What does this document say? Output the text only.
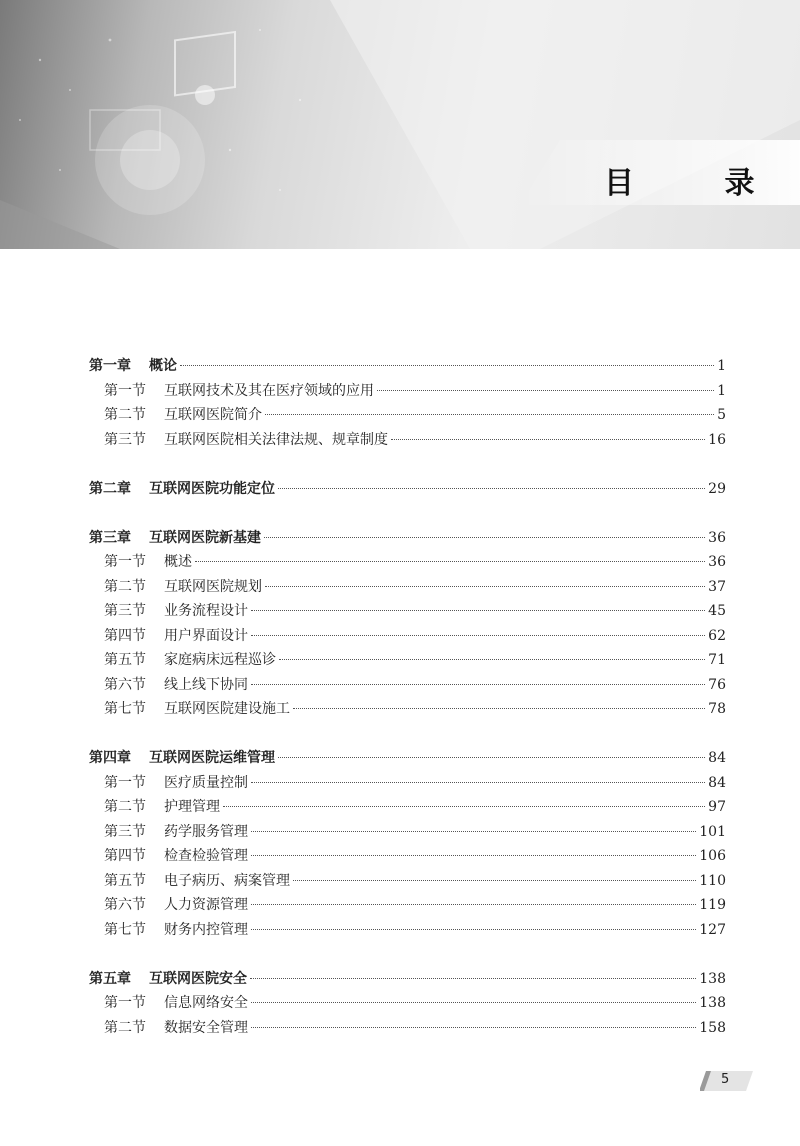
目 录
第一章 概论	1
第一节 互联网技术及其在医疗领域的应用	1
第二节 互联网医院简介	5
第三节 互联网医院相关法律法规、规章制度	16
第二章 互联网医院功能定位	29
第三章 互联网医院新基建	36
第一节 概述	36
第二节 互联网医院规划	37
第三节 业务流程设计	45
第四节 用户界面设计	62
第五节 家庭病床远程巡诊	71
第六节 线上线下协同	76
第七节 互联网医院建设施工	78
第四章 互联网医院运维管理	84
第一节 医疗质量控制	84
第二节 护理管理	97
第三节 药学服务管理	101
第四节 检查检验管理	106
第五节 电子病历、病案管理	110
第六节 人力资源管理	119
第七节 财务内控管理	127
第五章 互联网医院安全	138
第一节 信息网络安全	138
第二节 数据安全管理	158
5
